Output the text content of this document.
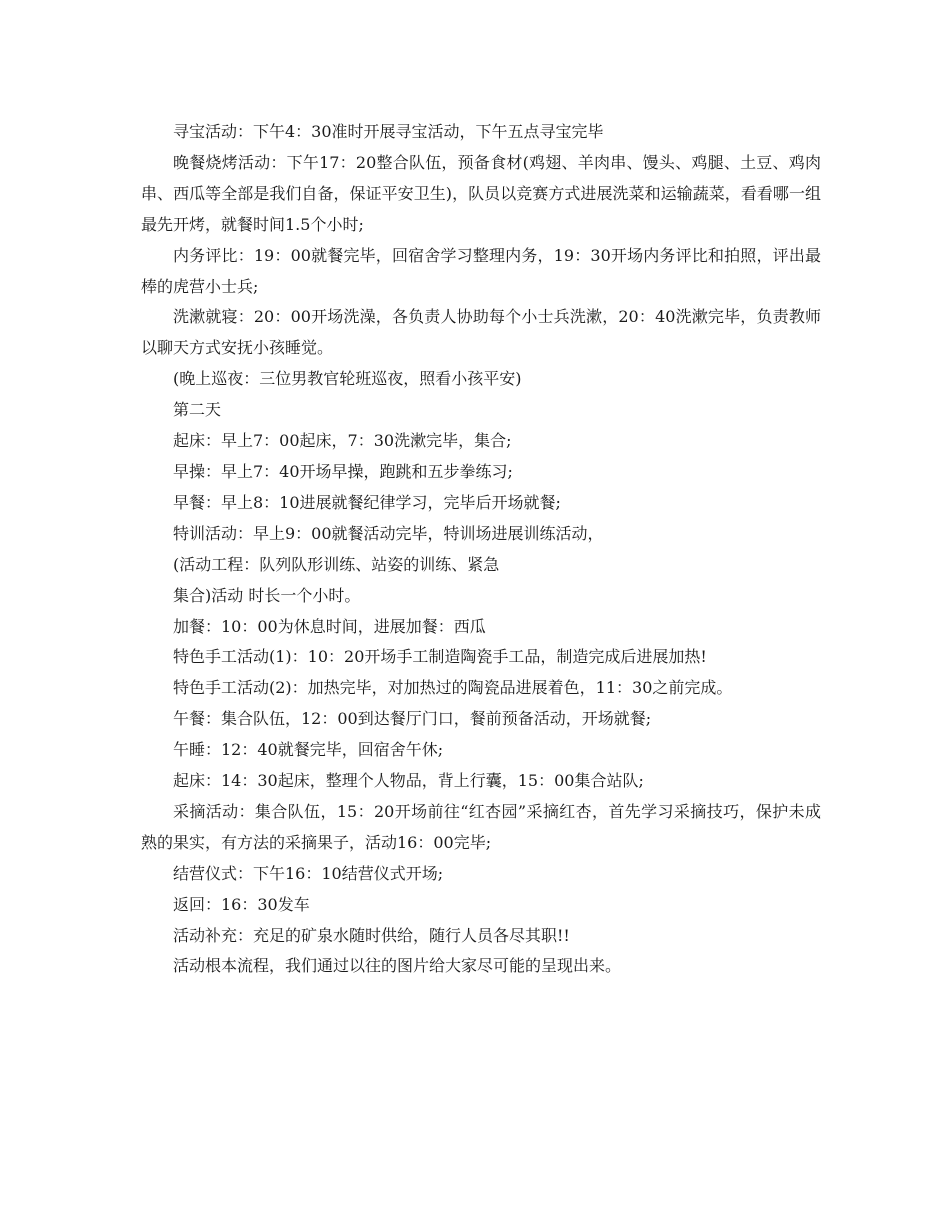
寻宝活动：下午4：30准时开展寻宝活动，下午五点寻宝完毕

晚餐烧烤活动：下午17：20整合队伍，预备食材(鸡翅、羊肉串、馒头、鸡腿、土豆、鸡肉串、西瓜等全部是我们自备，保证平安卫生)，队员以竞赛方式进展洗菜和运输蔬菜，看看哪一组最先开烤，就餐时间1.5个小时;

内务评比：19：00就餐完毕，回宿舍学习整理内务，19：30开场内务评比和拍照，评出最棒的虎营小士兵;

洗漱就寝：20：00开场洗澡，各负责人协助每个小士兵洗漱，20：40洗漱完毕，负责教师以聊天方式安抚小孩睡觉。

(晚上巡夜：三位男教官轮班巡夜，照看小孩平安)

第二天

起床：早上7：00起床，7：30洗漱完毕，集合;

早操：早上7：40开场早操，跑跳和五步拳练习;

早餐：早上8：10进展就餐纪律学习，完毕后开场就餐;

特训活动：早上9：00就餐活动完毕，特训场进展训练活动，

(活动工程：队列队形训练、站姿的训练、紧急

集合)活动 时长一个小时。

加餐：10：00为休息时间，进展加餐：西瓜

特色手工活动(1)：10：20开场手工制造陶瓷手工品，制造完成后进展加热!

特色手工活动(2)：加热完毕，对加热过的陶瓷品进展着色，11：30之前完成。

午餐：集合队伍，12：00到达餐厅门口，餐前预备活动，开场就餐;

午睡：12：40就餐完毕，回宿舍午休;

起床：14：30起床，整理个人物品，背上行囊，15：00集合站队;

采摘活动：集合队伍，15：20开场前往“红杏园”采摘红杏，首先学习采摘技巧，保护未成熟的果实，有方法的采摘果子，活动16：00完毕;

结营仪式：下午16：10结营仪式开场;

返回：16：30发车

活动补充：充足的矿泉水随时供给，随行人员各尽其职!!

活动根本流程，我们通过以往的图片给大家尽可能的呈现出来。
